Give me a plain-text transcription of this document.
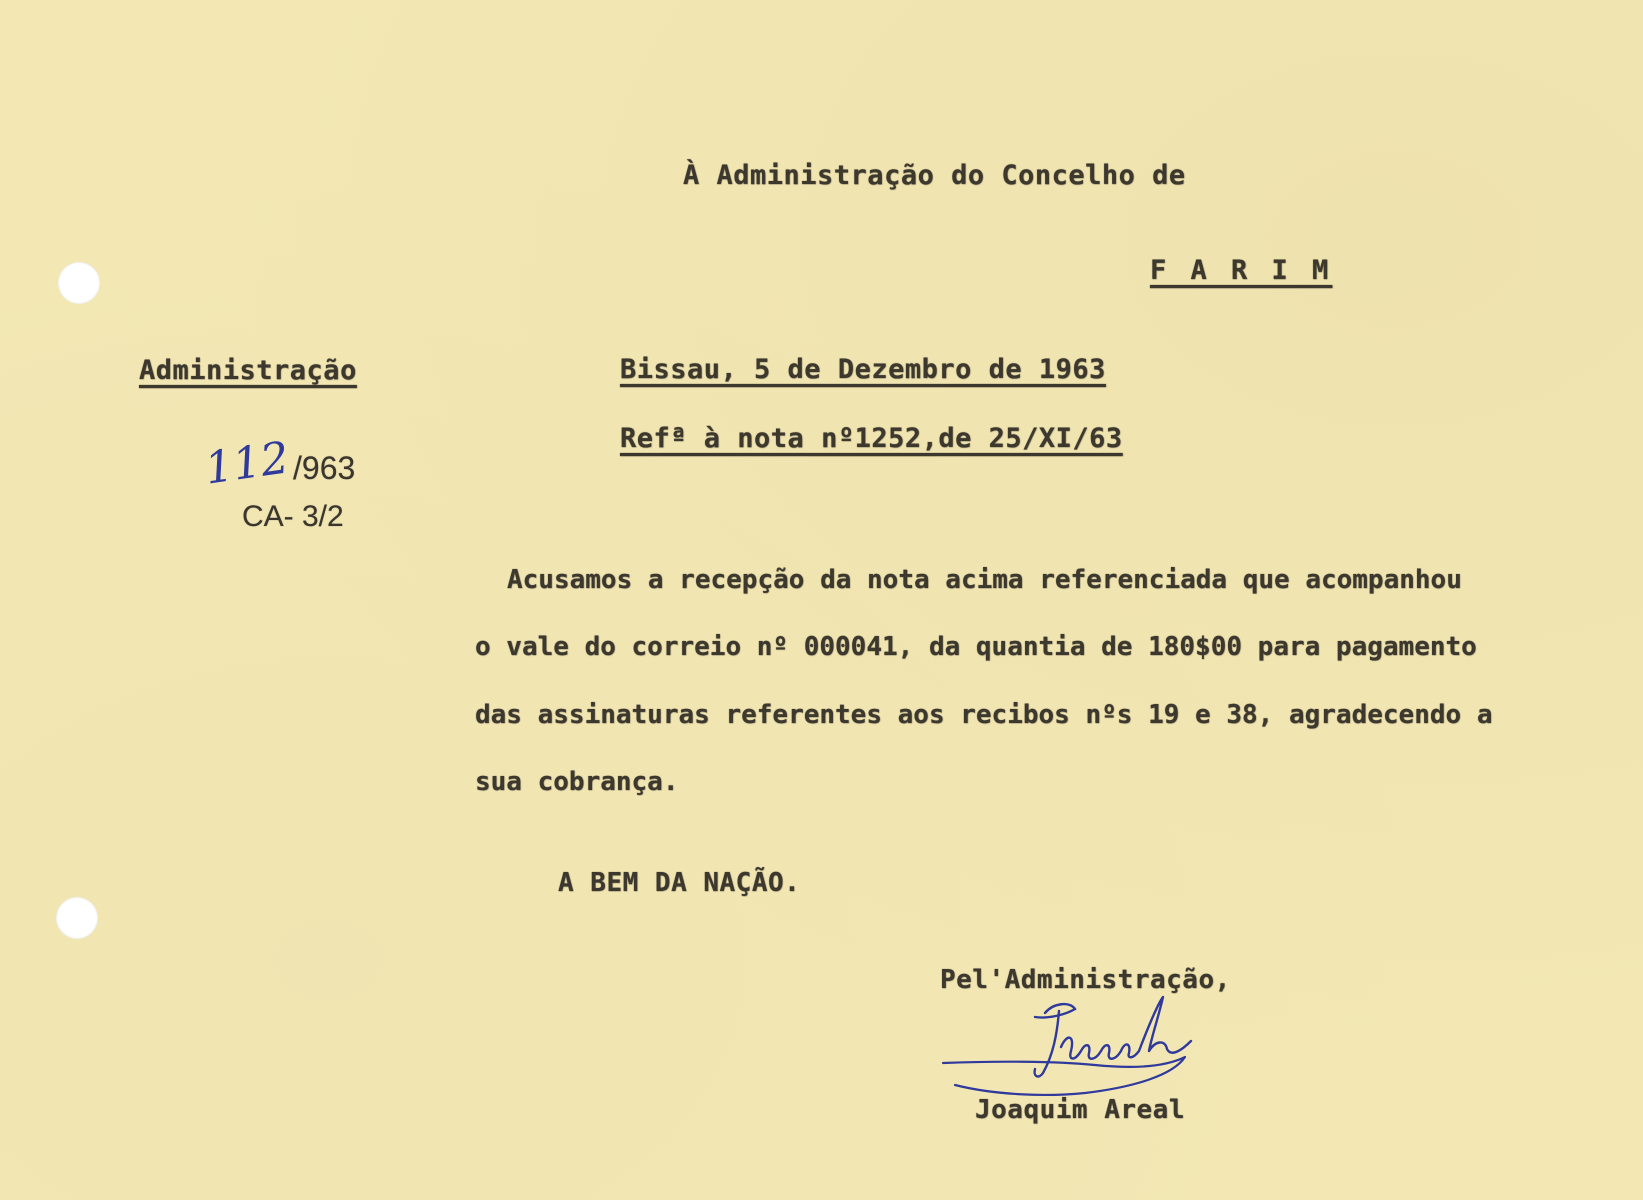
À Administração do Concelho de
F A R I M
Administração
112 /963
CA- 3/2
Bissau, 5 de Dezembro de 1963
Refª à nota nº1252,de 25/XI/63
Acusamos a recepção da nota acima referenciada que acompanhou
o vale do correio nº 000041, da quantia de 180$00 para pagamento
das assinaturas referentes aos recibos nºs 19 e 38, agradecendo a
sua cobrança.
A BEM DA NAÇÃO.
Pel'Administração,
Joaquim Areal
